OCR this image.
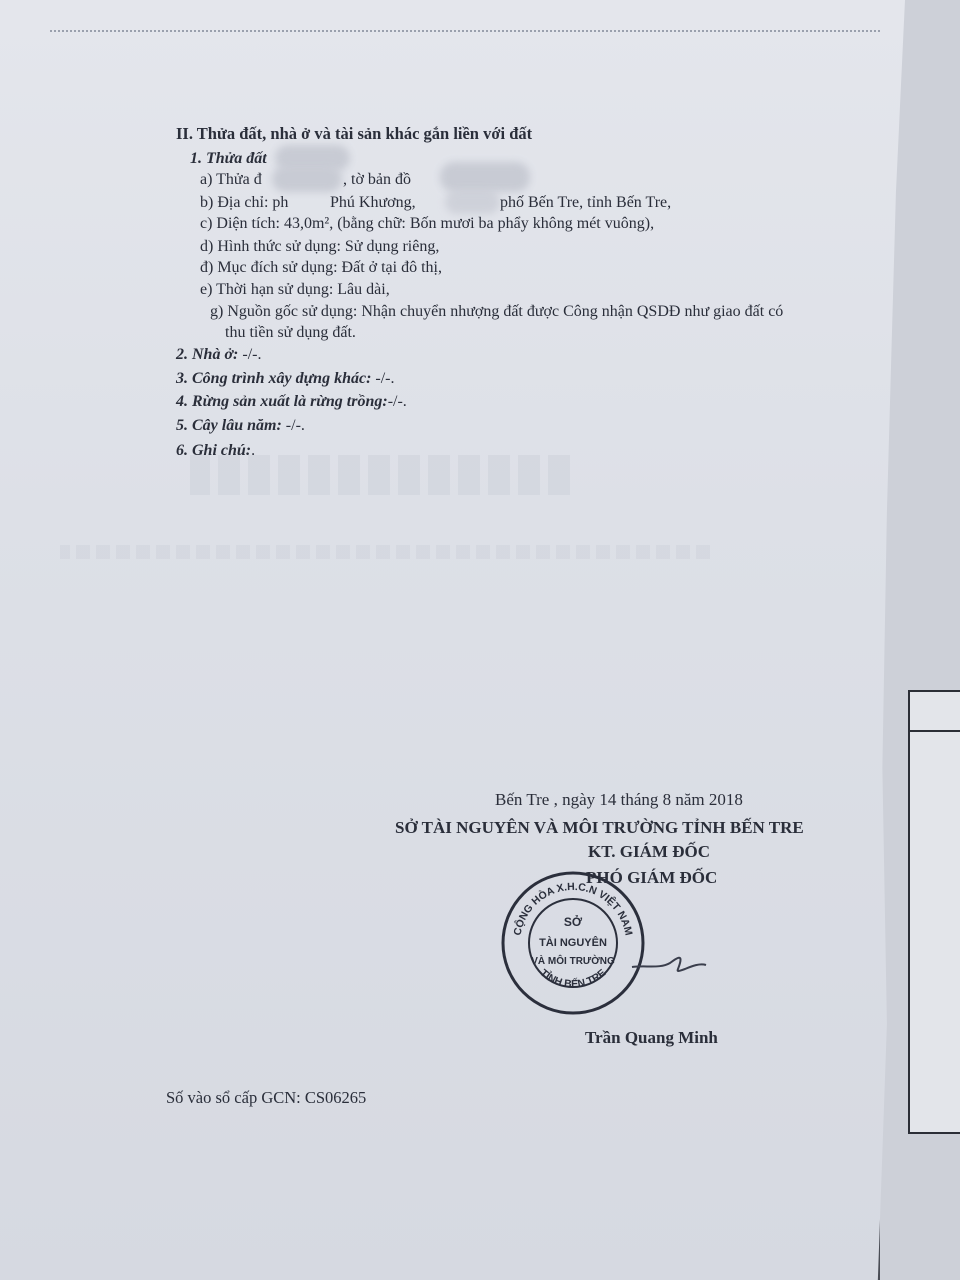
II. Thửa đất, nhà ở và tài sản khác gắn liền với đất
1. Thửa đất
a) Thửa đ	, tờ bản đồ
b) Địa chỉ: ph	Phú Khương,	phố Bến Tre, tỉnh Bến Tre,
c) Diện tích: 43,0m², (bằng chữ: Bốn mươi ba phẩy không mét vuông),
d) Hình thức sử dụng: Sử dụng riêng,
đ) Mục đích sử dụng: Đất ở tại đô thị,
e) Thời hạn sử dụng: Lâu dài,
g) Nguồn gốc sử dụng: Nhận chuyển nhượng đất được Công nhận QSDĐ như giao đất có
thu tiền sử dụng đất.
2. Nhà ở: -/-.
3. Công trình xây dựng khác: -/-.
4. Rừng sản xuất là rừng trồng:-/-.
5. Cây lâu năm: -/-.
6. Ghi chú:.
Bến Tre , ngày 14 tháng 8 năm 2018
SỞ TÀI NGUYÊN VÀ MÔI TRƯỜNG TỈNH BẾN TRE
KT. GIÁM ĐỐC
PHÓ GIÁM ĐỐC
Trần Quang Minh
CỘNG HÒA X.H.C.N VIỆT NAM
TỈNH BẾN TRE
SỞ
TÀI NGUYÊN
VÀ MÔI TRƯỜNG
Số vào sổ cấp GCN: CS06265
